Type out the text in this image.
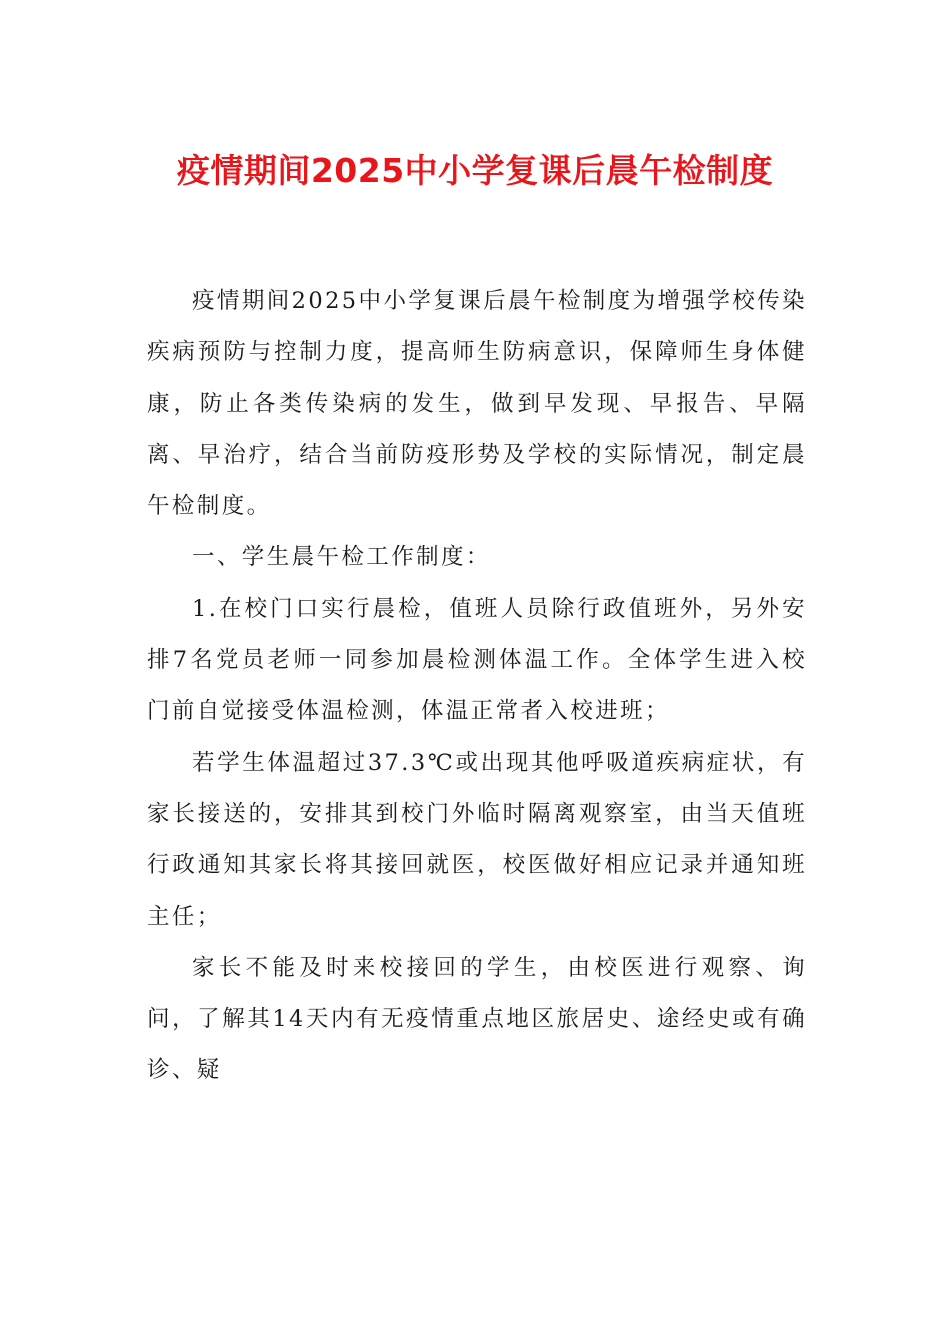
疫情期间2025中小学复课后晨午检制度

疫情期间2025中小学复课后晨午检制度为增强学校传染疾病预防与控制力度，提高师生防病意识，保障师生身体健康，防止各类传染病的发生，做到早发现、早报告、早隔离、早治疗，结合当前防疫形势及学校的实际情况，制定晨午检制度。

一、学生晨午检工作制度：

1.在校门口实行晨检，值班人员除行政值班外，另外安排7名党员老师一同参加晨检测体温工作。全体学生进入校门前自觉接受体温检测，体温正常者入校进班；

若学生体温超过37.3℃或出现其他呼吸道疾病症状，有家长接送的，安排其到校门外临时隔离观察室，由当天值班行政通知其家长将其接回就医，校医做好相应记录并通知班主任；

家长不能及时来校接回的学生，由校医进行观察、询问，了解其14天内有无疫情重点地区旅居史、途经史或有确诊、疑
